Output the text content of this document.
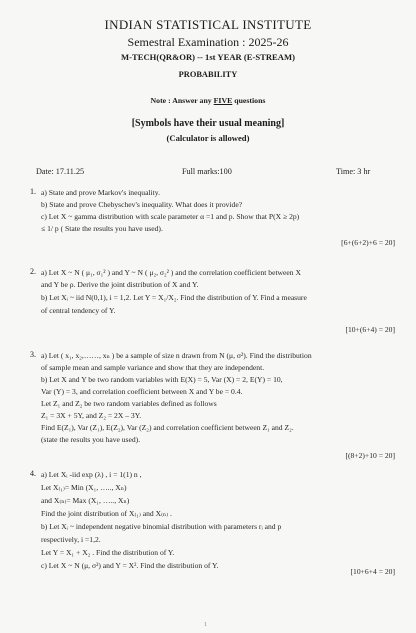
INDIAN STATISTICAL INSTITUTE
Semestral Examination : 2025-26
M-TECH(QR&OR) -- 1st YEAR (E-STREAM)
PROBABILITY
Note : Answer any FIVE questions
[Symbols have their usual meaning]
(Calculator is allowed)
Date: 17.11.25	Full marks:100	Time: 3 hr
1. a) State and prove Markov's inequality.
b) State and prove Chebyschev's inequality. What does it provide?
c) Let X ~ gamma distribution with scale parameter α =1 and p. Show that P(X ≥ 2p)
≤ 1/ p ( State the results you have used).
[6+(6+2)+6 = 20]
2. a) Let X ~ N ( μ₁, σ₁² ) and Y ~ N ( μ₂, σ₂² ) and the correlation coefficient between X
and Y be ρ. Derive the joint distribution of X and Y.
b) Let Xᵢ ~ iid N(0,1), i = 1,2. Let Y = X₁/X₂. Find the distribution of Y. Find a measure
of central tendency of Y.
[10+(6+4) = 20]
3. a) Let ( x₁, x₂,……, xₙ ) be a sample of size n drawn from N (μ, σ²). Find the distribution
of sample mean and sample variance and show that they are independent.
b) Let X and Y be two random variables with E(X) = 5, Var (X) = 2, E(Y) = 10,
Var (Y) = 3, and correlation coefficient between X and Y be = 0.4.
Let Z₁ and Z₂ be two random variables defined as follows
Z₁ = 3X + 5Y, and Z₂ = 2X – 3Y.
Find E(Z₁), Var (Z₁), E(Z₂), Var (Z₂) and correlation coefficient between Z₁ and Z₂.
(state the results you have used).
[(8+2)+10 = 20]
4. a) Let Xᵢ -iid exp (λ) , i = 1(1) n ,
Let X₍₁₎= Min (X₁, ….., Xₙ)
and X₍ₙ₎= Max (X₁, ….., Xₙ)
Find the joint distribution of X₍₁₎ and X₍ₙ₎ .
b) Let Xᵢ ~ independent negative binomial distribution with parameters rᵢ and p
respectively, i =1,2.
Let Y = X₁ + X₂ . Find the distribution of Y.
c) Let X ~ N (μ, σ²) and Y = X². Find the distribution of Y.
[10+6+4 = 20]
1
